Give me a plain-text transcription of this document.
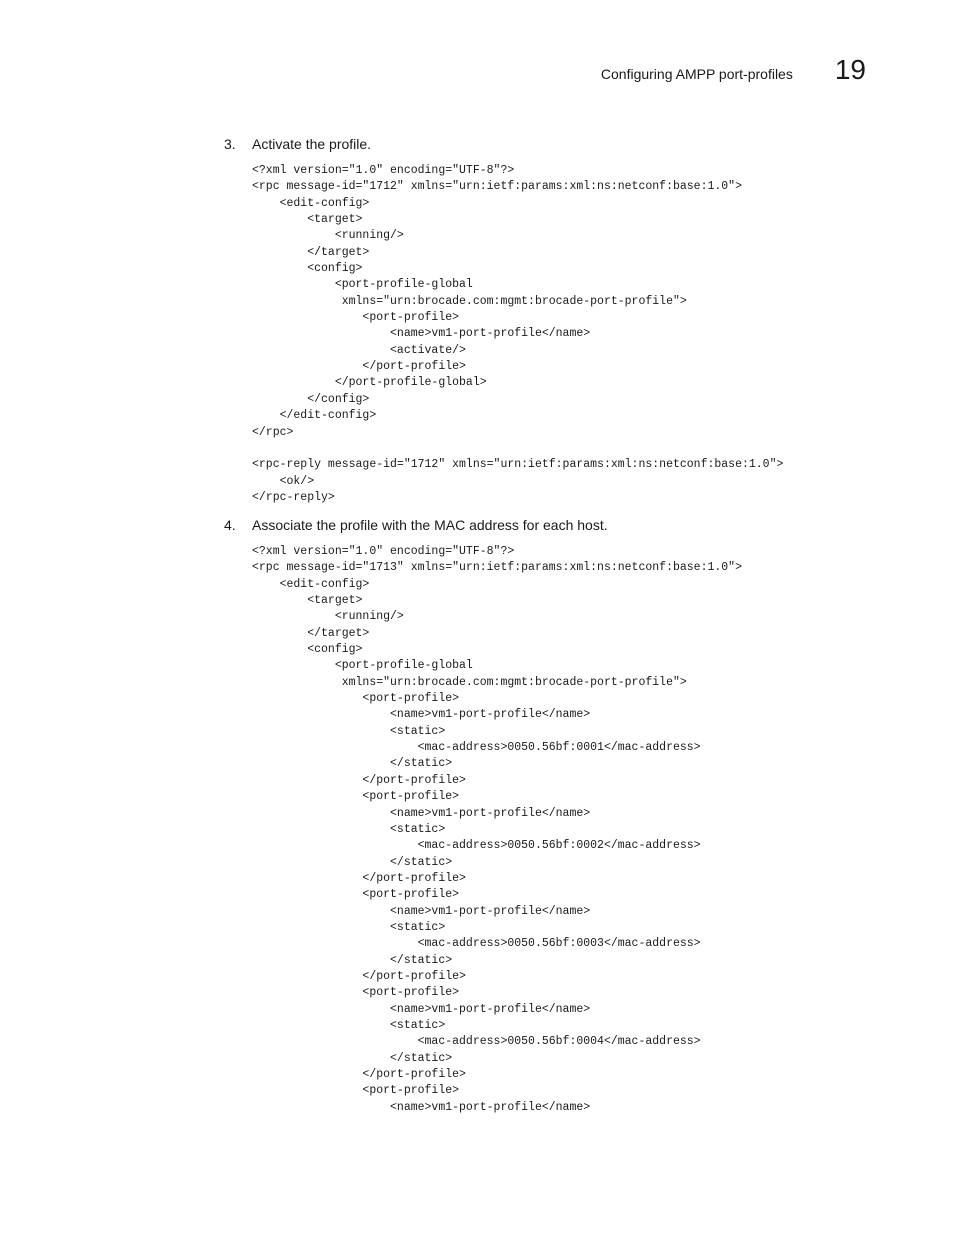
Configuring AMPP port-profiles 19
3.	Activate the profile.
<?xml version="1.0" encoding="UTF-8"?>
<rpc message-id="1712" xmlns="urn:ietf:params:xml:ns:netconf:base:1.0">
<edit-config>
<target>
<running/>
</target>
<config>
<port-profile-global
xmlns="urn:brocade.com:mgmt:brocade-port-profile">
<port-profile>
<name>vm1-port-profile</name>
<activate/>
</port-profile>
</port-profile-global>
</config>
</edit-config>
</rpc>
<rpc-reply message-id="1712" xmlns="urn:ietf:params:xml:ns:netconf:base:1.0">
<ok/>
</rpc-reply>
4.	Associate the profile with the MAC address for each host.
<?xml version="1.0" encoding="UTF-8"?>
<rpc message-id="1713" xmlns="urn:ietf:params:xml:ns:netconf:base:1.0">
<edit-config>
<target>
<running/>
</target>
<config>
<port-profile-global
xmlns="urn:brocade.com:mgmt:brocade-port-profile">
<port-profile>
<name>vm1-port-profile</name>
<static>
<mac-address>0050.56bf:0001</mac-address>
</static>
</port-profile>
<port-profile>
<name>vm1-port-profile</name>
<static>
<mac-address>0050.56bf:0002</mac-address>
</static>
</port-profile>
<port-profile>
<name>vm1-port-profile</name>
<static>
<mac-address>0050.56bf:0003</mac-address>
</static>
</port-profile>
<port-profile>
<name>vm1-port-profile</name>
<static>
<mac-address>0050.56bf:0004</mac-address>
</static>
</port-profile>
<port-profile>
<name>vm1-port-profile</name>
